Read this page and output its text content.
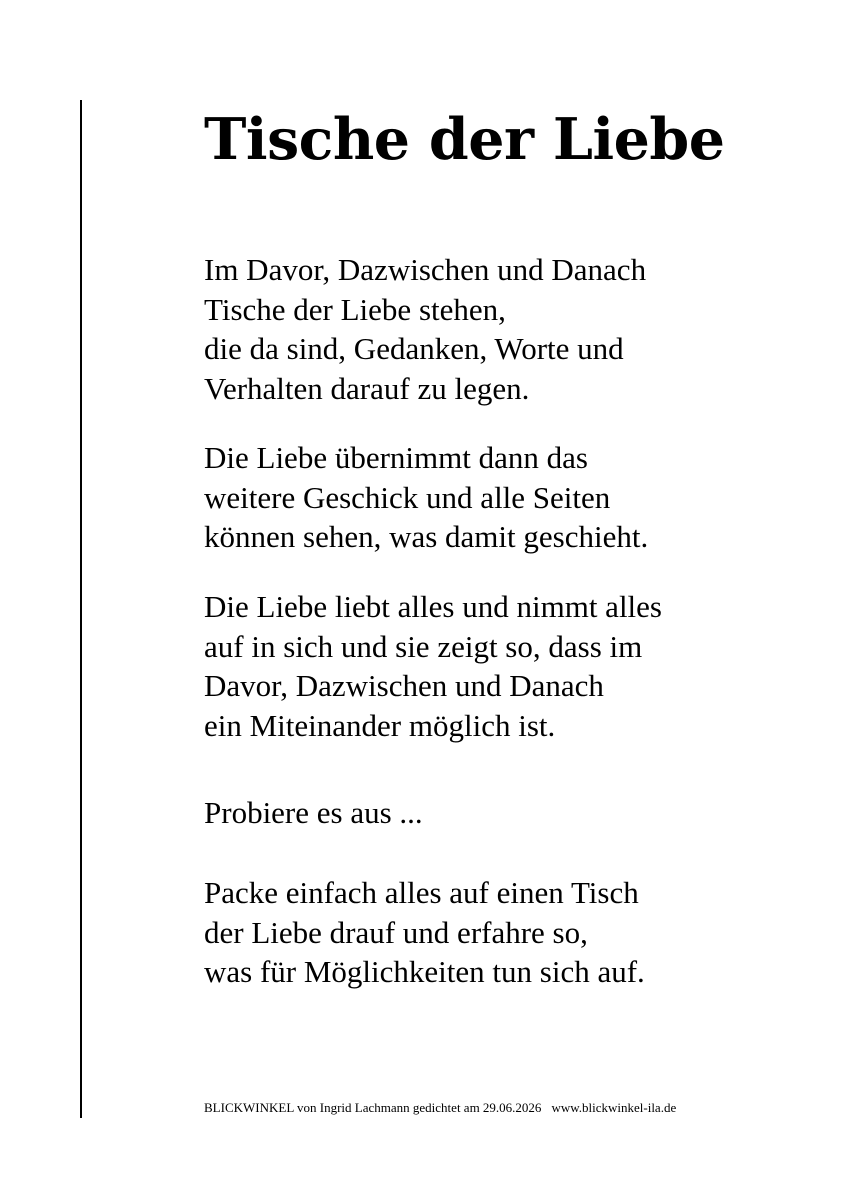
Tische der Liebe

Im Davor, Dazwischen und Danach
Tische der Liebe stehen,
die da sind, Gedanken, Worte und
Verhalten darauf zu legen.

Die Liebe übernimmt dann das
weitere Geschick und alle Seiten
können sehen, was damit geschieht.

Die Liebe liebt alles und nimmt alles
auf in sich und sie zeigt so, dass im
Davor, Dazwischen und Danach
ein Miteinander möglich ist.

Probiere es aus ...

Packe einfach alles auf einen Tisch
der Liebe drauf und erfahre so,
was für Möglichkeiten tun sich auf.

BLICKWINKEL von Ingrid Lachmann gedichtet am 29.06.2026 www.blickwinkel-ila.de
